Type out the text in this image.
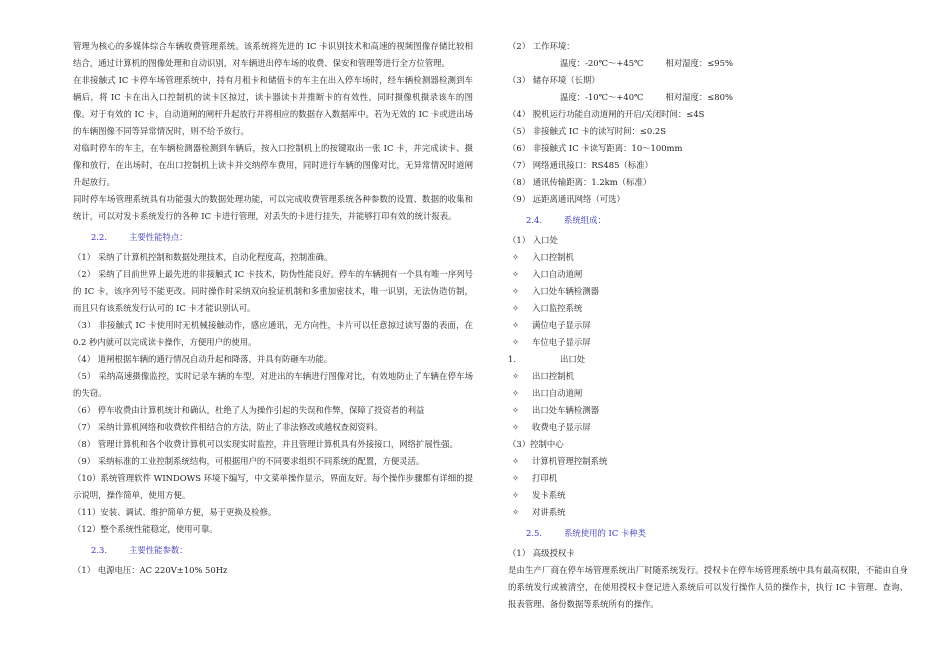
管理为核心的多媒体综合车辆收费管理系统。该系统将先进的 IC 卡识别技术和高速的视频图像存储比较相结合，通过计算机的图像处理和自动识别，对车辆进出停车场的收费、保安和管理等进行全方位管理。

在非接触式 IC 卡停车场管理系统中，持有月租卡和储值卡的车主在出入停车场时，经车辆检测器检测到车辆后，将 IC 卡在出入口控制机的读卡区掠过，读卡器读卡并推断卡的有效性，同时摄像机摄录该车的图像。对于有效的 IC 卡，自动道闸的闸杆升起放行并将相应的数据存入数据库中。若为无效的 IC 卡或进出场的车辆图像不同等异常情况时，则不给予放行。

对临时停车的车主，在车辆检测器检测到车辆后，按入口控制机上的按键取出一张 IC 卡，并完成读卡、摄像和放行，在出场时，在出口控制机上读卡并交纳停车费用，同时进行车辆的图像对比，无异常情况时道闸升起放行。

同时停车场管理系统具有功能强大的数据处理功能，可以完成收费管理系统各种参数的设置、数据的收集和统计，可以对发卡系统发行的各种 IC 卡进行管理，对丢失的卡进行挂失，并能够打印有效的统计报表。

2.2.	主要性能特点：

（1） 采纳了计算机控制和数据处理技术，自动化程度高，控制准确。

（2） 采纳了目前世界上最先进的非接触式 IC 卡技术，防伪性能良好。停车的车辆拥有一个具有唯一序列号的 IC 卡，该序列号不能更改。同时操作时采纳双向验证机制和多重加密技术，唯一识别，无法伪造仿制，而且只有该系统发行认可的 IC 卡才能识别认可。

（3） 非接触式 IC 卡使用时无机械接触动作，感应通讯，无方向性，卡片可以任意掠过读写器的表面，在 0.2 秒内就可以完成读卡操作，方便用户的使用。

（4） 道闸根据车辆的通行情况自动升起和降落，并具有防砸车功能。

（5） 采纳高速摄像监控，实时记录车辆的车型，对进出的车辆进行图像对比，有效地防止了车辆在停车场的失窃。

（6） 停车收费由计算机统计和确认，杜绝了人为操作引起的失误和作弊，保障了投资者的利益

（7） 采纳计算机网络和收费软件相结合的方法，防止了非法修改或越权查阅资料。

（8） 管理计算机和各个收费计算机可以实现实时监控，并且管理计算机具有外接接口，网络扩展性强。

（9） 采纳标准的工业控制系统结构，可根据用户的不同要求组织不同系统的配置，方便灵活。

（10）系统管理软件 WINDOWS 环境下编写，中文菜单操作显示，界面友好。每个操作步骤都有详细的提示说明，操作简单，使用方便。

（11）安装、调试、维护简单方便，易于更换及检修。

（12）整个系统性能稳定，使用可靠。

2.3.	主要性能参数：

（1） 电源电压：AC 220V±10% 50Hz

（2） 工作环境：

温度：-20℃～+45℃	相对湿度：≤95%

（3） 储存环境（长期）

温度：-10℃～+40℃	相对湿度：≤80%

（4） 脱机运行功能自动道闸的开启/关闭时间：≤4S

（5） 非接触式 IC 卡的读写时间：≤0.2S

（6） 非接触式 IC 卡读写距离：10～100mm

（7） 网络通讯接口：RS485（标准）

（8） 通讯传输距离：1.2km（标准）

（9） 远距离通讯网络（可选）

2.4.	系统组成：

（1） 入口处

✧ 入口控制机

✧ 入口自动道闸

✧ 入口处车辆检测器

✧ 入口监控系统

✧ 满位电子显示屏

✧ 车位电子显示屏

1.	出口处

✧ 出口控制机

✧ 出口自动道闸

✧ 出口处车辆检测器

✧ 收费电子显示屏

（3）控制中心

✧ 计算机管理控制系统

✧ 打印机

✧ 发卡系统

✧ 对讲系统

2.5.	系统使用的 IC 卡种类

（1） 高级授权卡

是由生产厂商在停车场管理系统出厂时随系统发行。授权卡在停车场管理系统中具有最高权限，不能由自身的系统发行或被清空，在使用授权卡登记进入系统后可以发行操作人员的操作卡，执行 IC 卡管理、查询、报表管理、备份数据等系统所有的操作。
